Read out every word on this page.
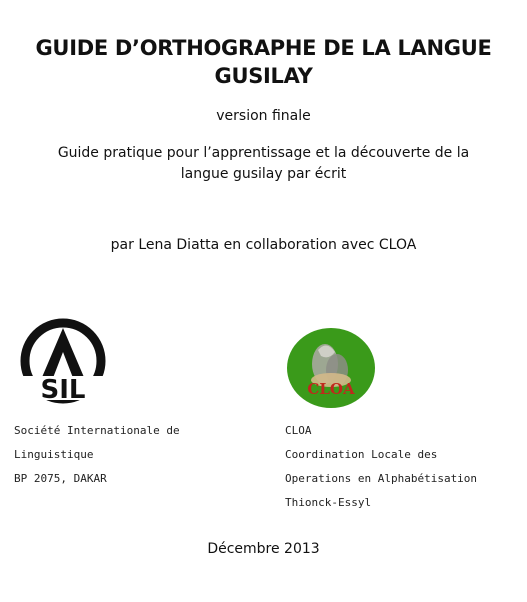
GUIDE D’ORTHOGRAPHE DE LA LANGUE
GUSILAY
version finale
Guide pratique pour l’apprentissage et la découverte de la
langue gusilay par écrit
par Lena Diatta en collaboration avec CLOA
SIL	CLOA
Société Internationale de
Linguistique
BP 2075, DAKAR
CLOA
Coordination Locale des
Operations en Alphabétisation
Thionck-Essyl
Décembre 2013
